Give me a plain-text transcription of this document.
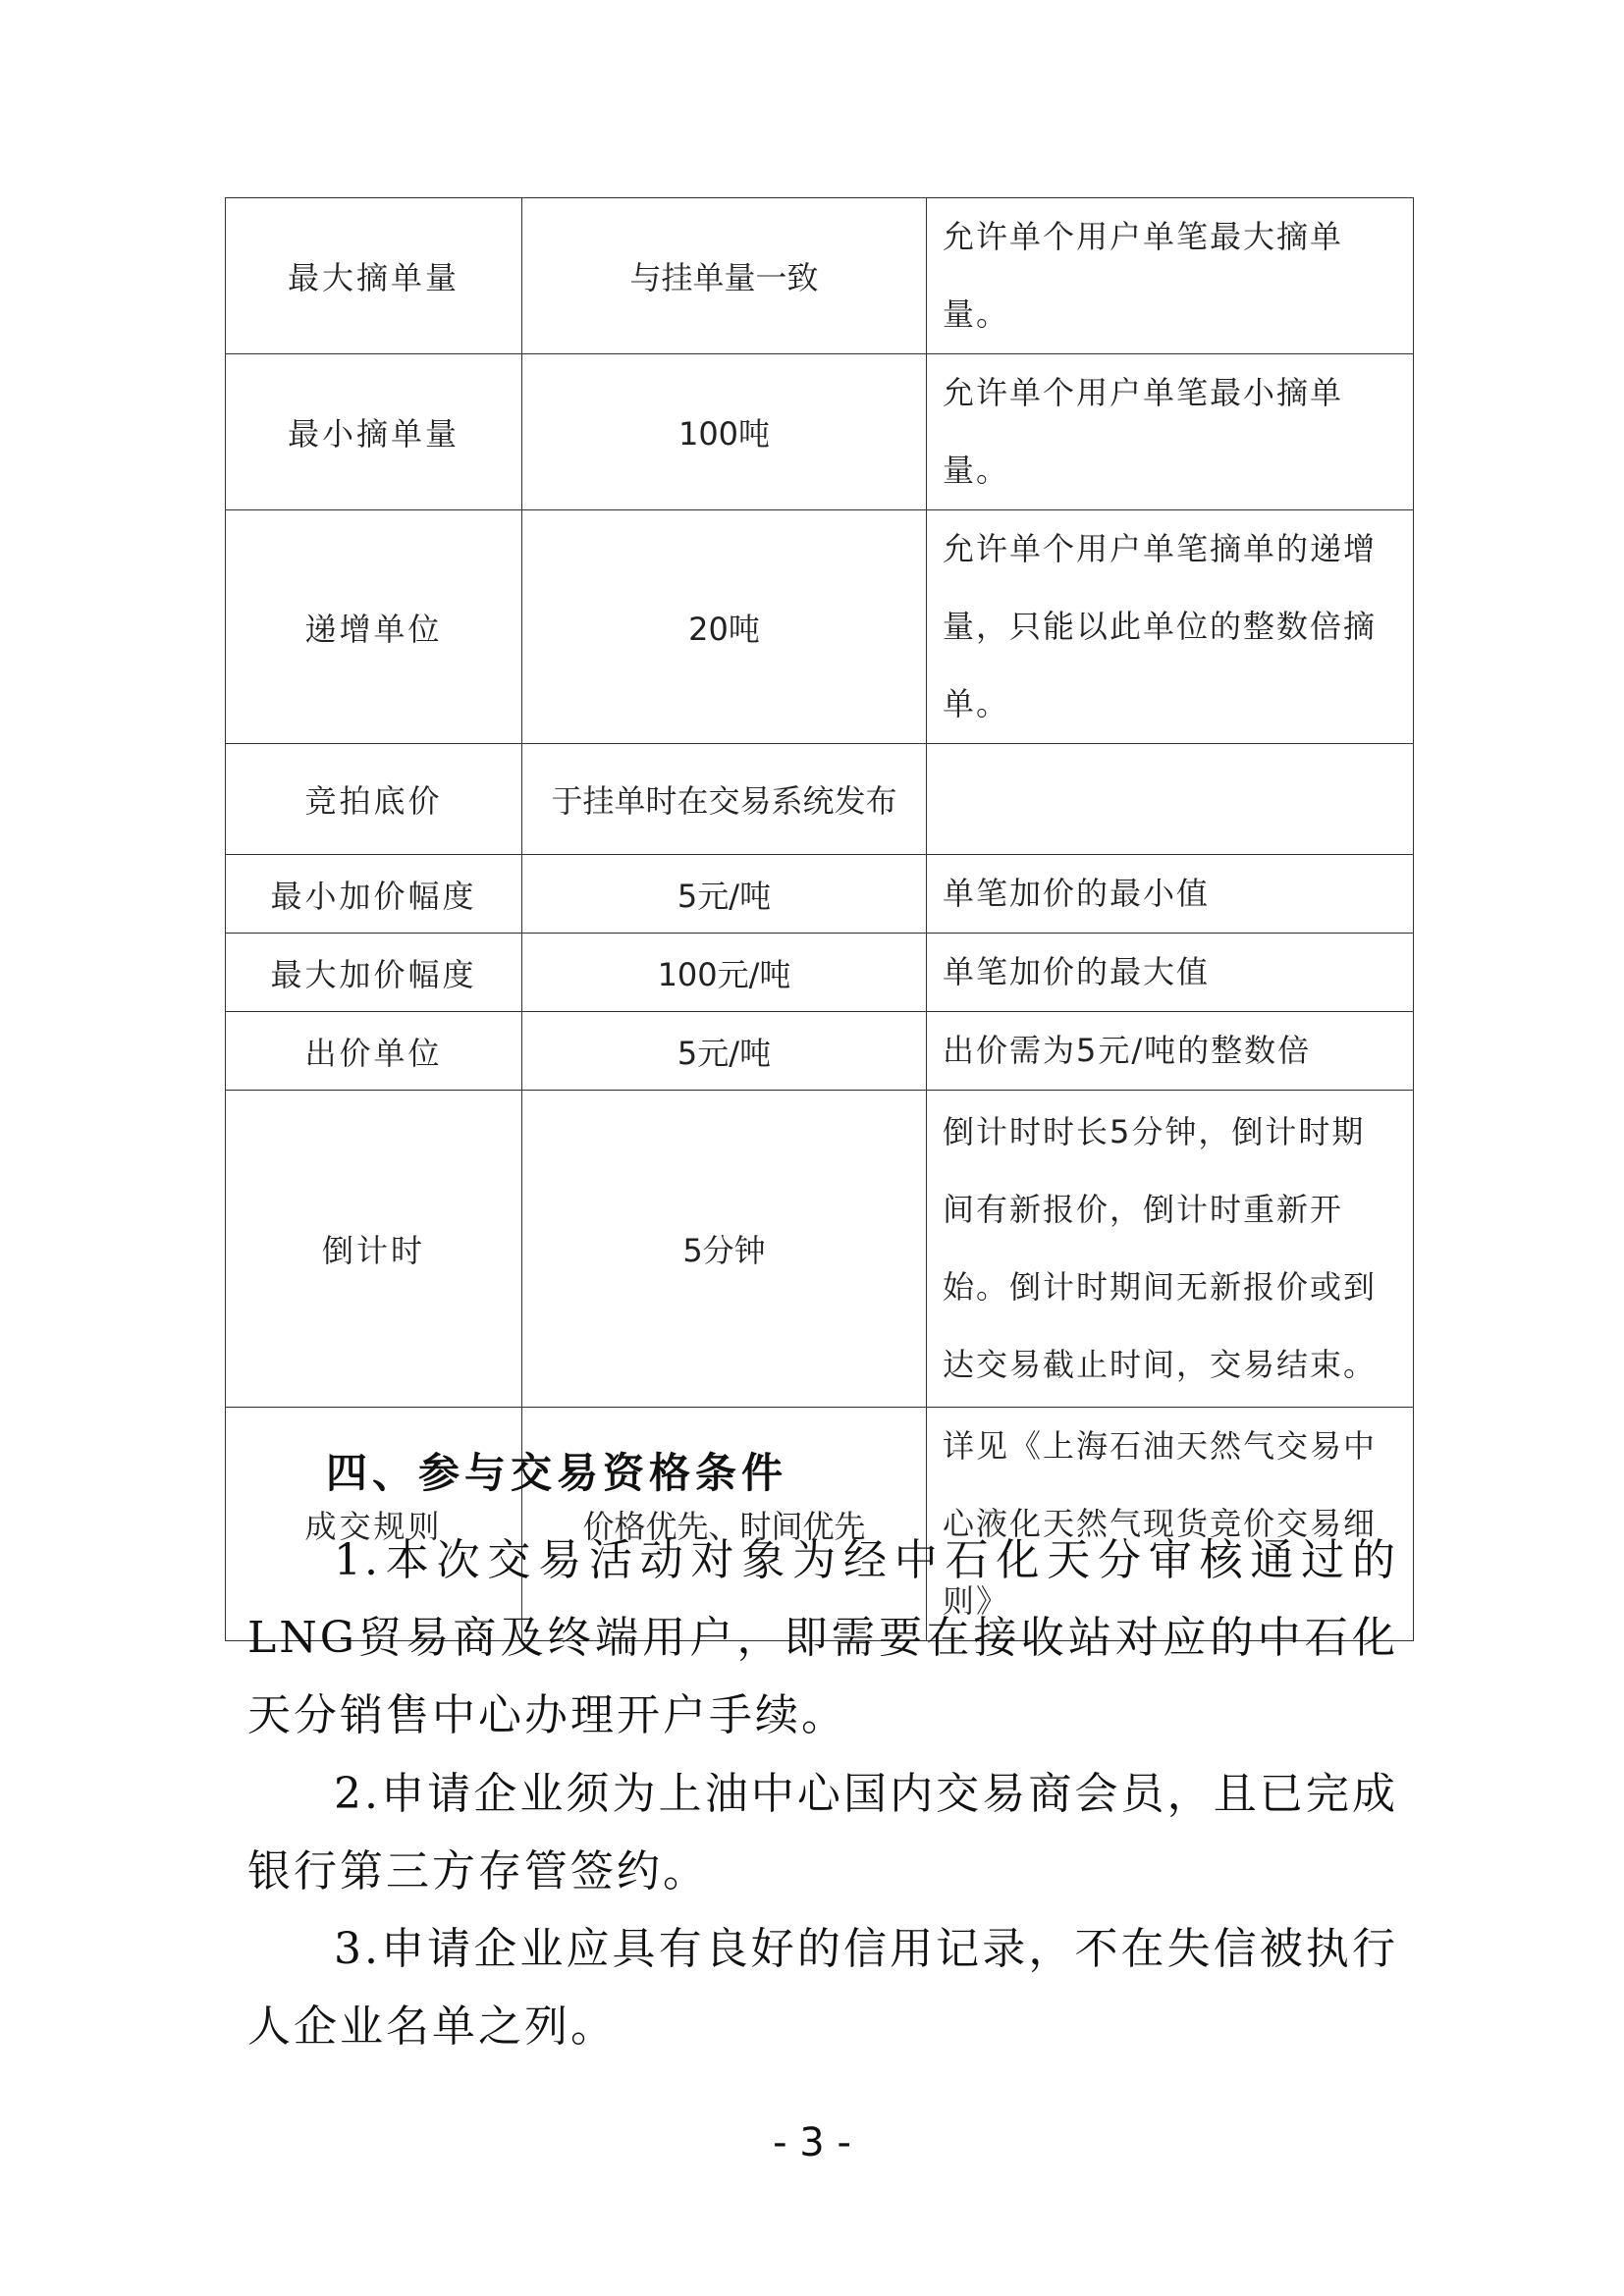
最大摘单量	与挂单量一致	允许单个用户单笔最大摘单量。
最小摘单量	100吨	允许单个用户单笔最小摘单量。
递增单位	20吨	允许单个用户单笔摘单的递增量，只能以此单位的整数倍摘单。
竞拍底价	于挂单时在交易系统发布	
最小加价幅度	5元/吨	单笔加价的最小值
最大加价幅度	100元/吨	单笔加价的最大值
出价单位	5元/吨	出价需为5元/吨的整数倍
倒计时	5分钟	倒计时时长5分钟，倒计时期间有新报价，倒计时重新开始。倒计时期间无新报价或到达交易截止时间，交易结束。
成交规则	价格优先、时间优先	详见《上海石油天然气交易中心液化天然气现货竞价交易细则》
四、参与交易资格条件
1.本次交易活动对象为经中石化天分审核通过的LNG贸易商及终端用户，即需要在接收站对应的中石化天分销售中心办理开户手续。
2.申请企业须为上油中心国内交易商会员，且已完成银行第三方存管签约。
3.申请企业应具有良好的信用记录，不在失信被执行人企业名单之列。
- 3 -
